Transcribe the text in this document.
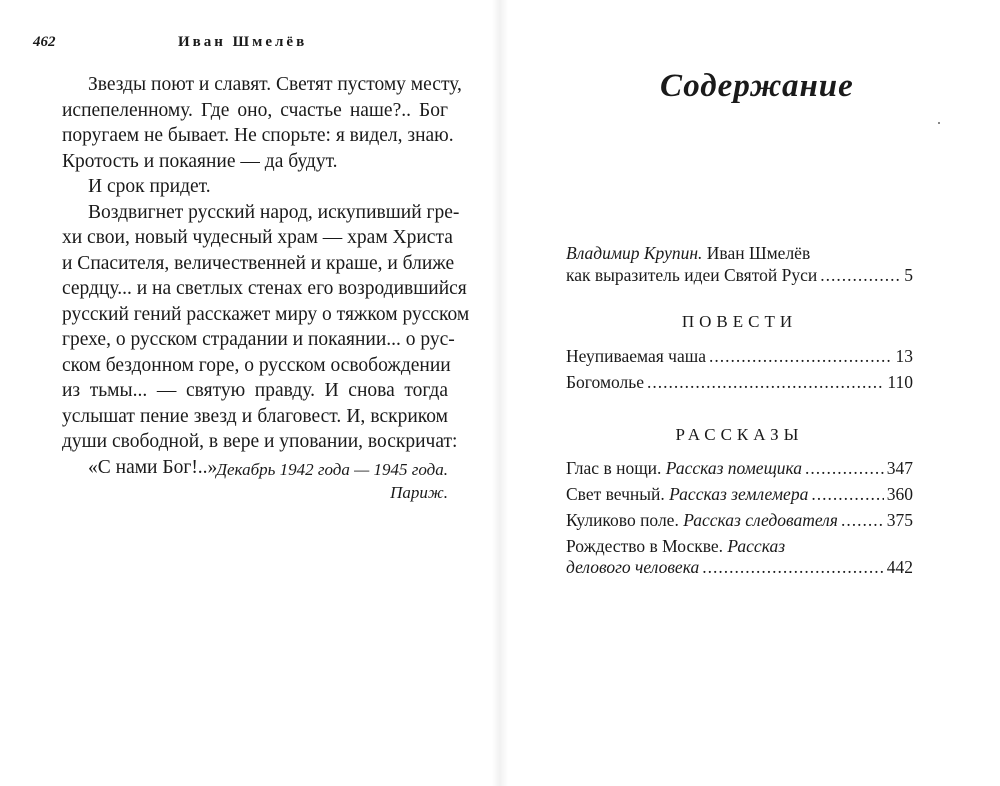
462	Иван Шмелёв
Звезды поют и славят. Светят пустому месту,
испепеленному. Где оно, счастье наше?.. Бог
поругаем не бывает. Не спорьте: я видел, знаю.
Кротость и покаяние — да будут.
И срок придет.
Воздвигнет русский народ, искупивший гре-
хи свои, новый чудесный храм — храм Христа
и Спасителя, величественней и краше, и ближе
сердцу... и на светлых стенах его возродившийся
русский гений расскажет миру о тяжком русском
грехе, о русском страдании и покаянии... о рус-
ском бездонном горе, о русском освобождении
из тьмы... — святую правду. И снова тогда
услышат пение звезд и благовест. И, вскриком
души свободной, в вере и уповании, воскричат:
«С нами Бог!..»
Декабрь 1942 года — 1945 года.
Париж.
Содержание
Владимир Крупин. Иван Шмелёв
как выразитель идеи Святой Руси .....	5
ПОВЕСТИ
Неупиваемая чаша .....	13
Богомолье .....	110
РАССКАЗЫ
Глас в нощи. Рассказ помещика .....	347
Свет вечный. Рассказ землемера .....	360
Куликово поле. Рассказ следователя .....	375
Рождество в Москве. Рассказ
делового человека .....	442
